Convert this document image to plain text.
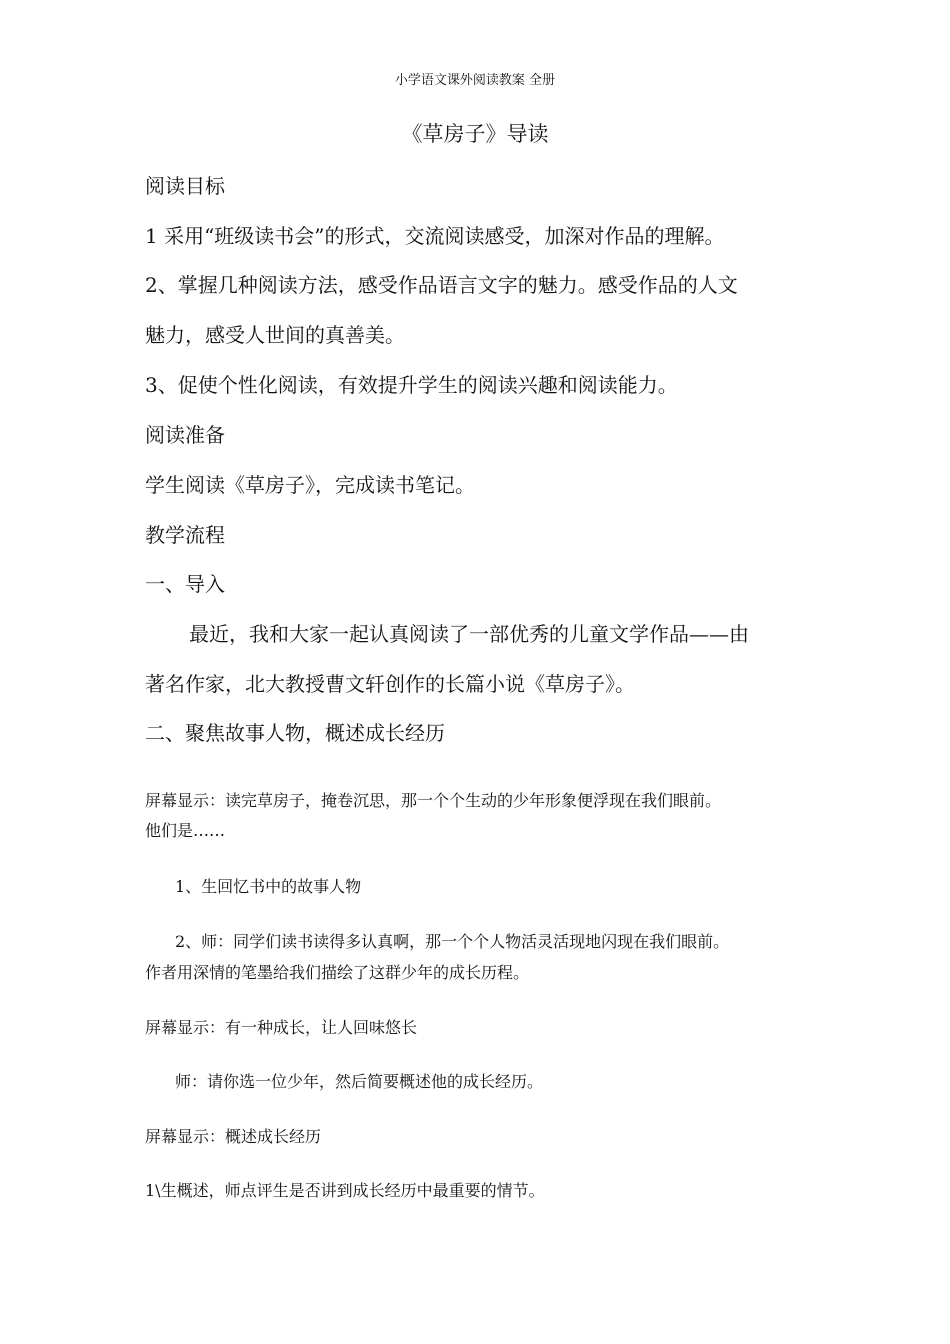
小学语文课外阅读教案 全册
《草房子》导读
阅读目标
1 采用“班级读书会”的形式，交流阅读感受，加深对作品的理解。
2、掌握几种阅读方法，感受作品语言文字的魅力。感受作品的人文
魅力，感受人世间的真善美。
3、促使个性化阅读，有效提升学生的阅读兴趣和阅读能力。
阅读准备
学生阅读《草房子》，完成读书笔记。
教学流程
一、导入
最近，我和大家一起认真阅读了一部优秀的儿童文学作品——由
著名作家，北大教授曹文轩创作的长篇小说《草房子》。
二、聚焦故事人物，概述成长经历
屏幕显示：读完草房子，掩卷沉思，那一个个生动的少年形象便浮现在我们眼前。
他们是……
1、生回忆书中的故事人物
2、师：同学们读书读得多认真啊，那一个个人物活灵活现地闪现在我们眼前。
作者用深情的笔墨给我们描绘了这群少年的成长历程。
屏幕显示：有一种成长，让人回味悠长
师：请你选一位少年，然后简要概述他的成长经历。
屏幕显示：概述成长经历
1\生概述，师点评生是否讲到成长经历中最重要的情节。
